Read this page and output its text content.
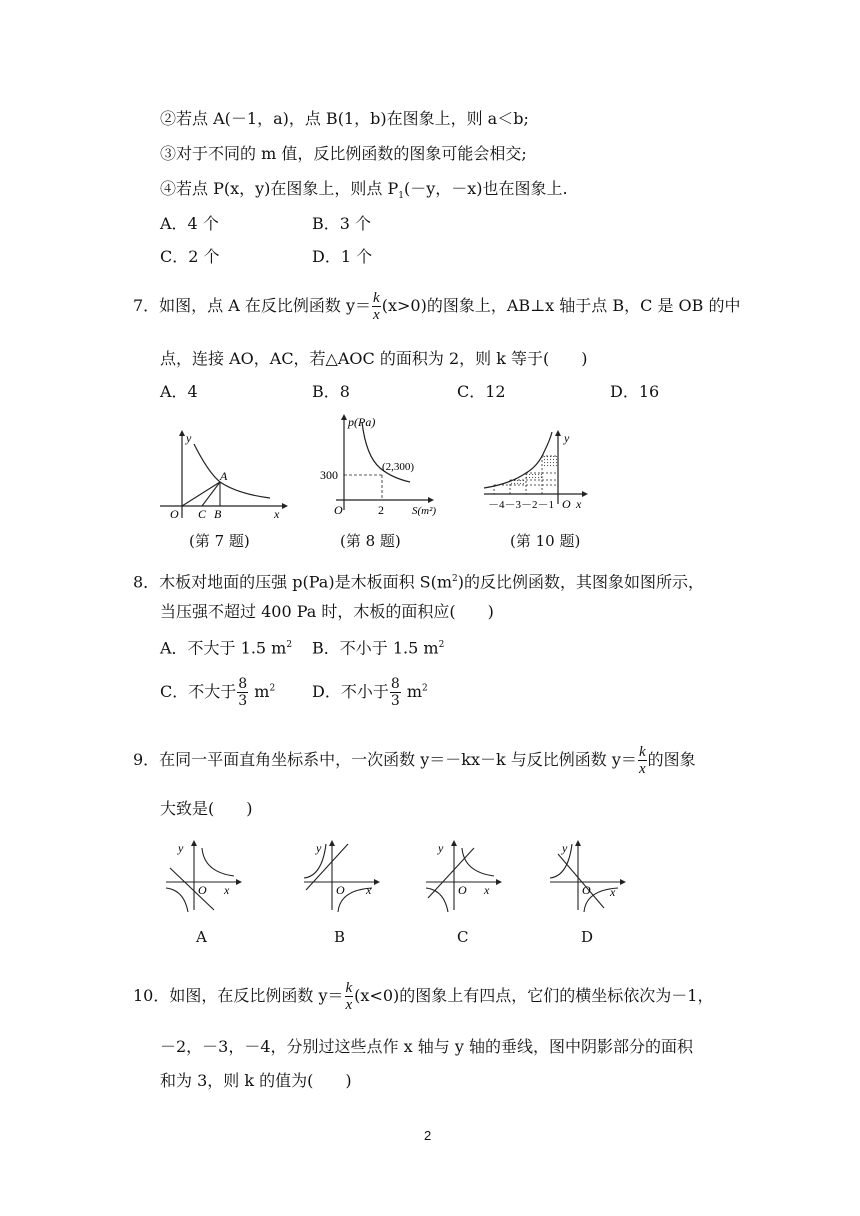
②若点 A(－1，a)，点 B(1，b)在图象上，则 a＜b;
③对于不同的 m 值，反比例函数的图象可能会相交;
④若点 P(x，y)在图象上，则点 $P_1(-y$，－x)也在图象上.
A．4 个	B．3 个
C．2 个	D．1 个
7．如图，点 A 在反比例函数 $y= \frac{k}{x} (x>0)$的图象上，AB⊥x 轴于点 B，C 是 OB 的中
点，连接 AO，AC，若△AOC 的面积为 2，则 k 等于(　　)
A．4	B．8	C．12	D．16
y
x
O C B
A
(第 7 题)
p(Pa)
300
(2,300)
O	2	S(m²)
(第 8 题)
y
－4－3－2－1 O x
(第 10 题)
8．木板对地面的压强 p(Pa)是木板面积 $S(m^2)$的反比例函数，其图象如图所示，
当压强不超过 400 Pa 时，木板的面积应(　　)
A．不大于 1.5 $m^2$ B．不小于 1.5 $m^2$
C．不大于 $\frac{8}{3} m^2$ D．不小于 $\frac{8}{3} m^2$
9．在同一平面直角坐标系中，一次函数 y＝－kx－k 与反比例函数 $y= \frac{k}{x}$ 的图象
大致是(　　)
y
x
O
y
x
O
y
x
O
y
x
O
A	B	C	D
10．如图，在反比例函数 $y= \frac{k}{x} (x<0)$的图象上有四点，它们的横坐标依次为－1，
－2，－3，－4，分别过这些点作 x 轴与 y 轴的垂线，图中阴影部分的面积
和为 3，则 k 的值为(　　)
2
